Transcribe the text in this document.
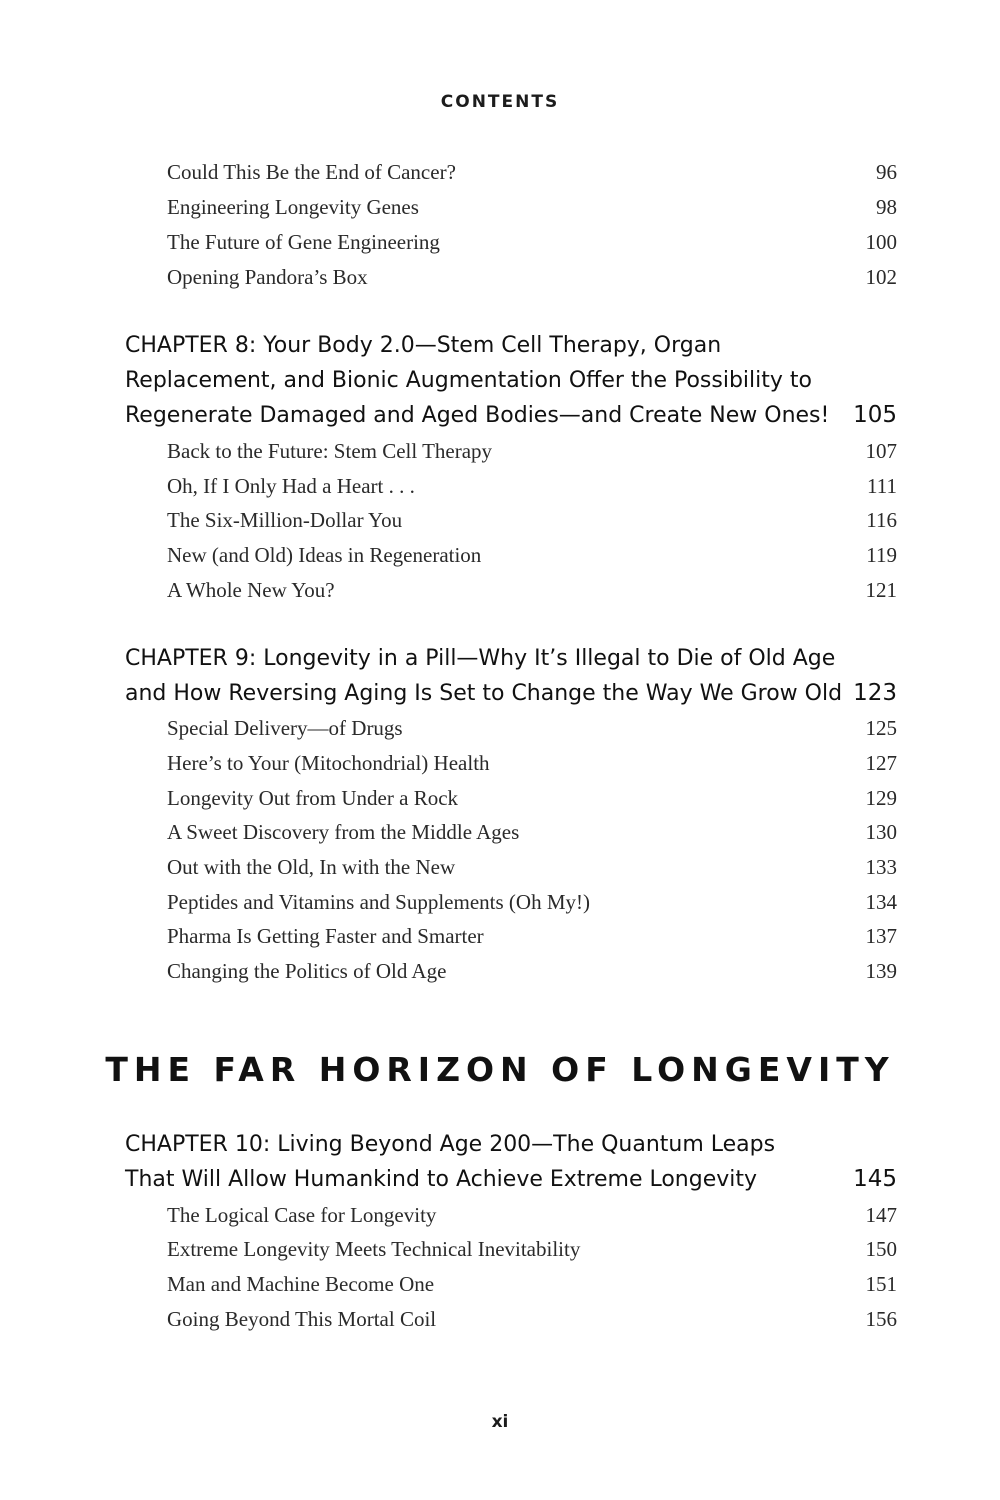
CONTENTS
Could This Be the End of Cancer?	96
Engineering Longevity Genes	98
The Future of Gene Engineering	100
Opening Pandora’s Box	102
CHAPTER 8: Your Body 2.0—Stem Cell Therapy, Organ
Replacement, and Bionic Augmentation Offer the Possibility to
Regenerate Damaged and Aged Bodies—and Create New Ones! 105
Back to the Future: Stem Cell Therapy	107
Oh, If I Only Had a Heart . . .	111
The Six-Million-Dollar You	116
New (and Old) Ideas in Regeneration	119
A Whole New You?	121
CHAPTER 9: Longevity in a Pill—Why It’s Illegal to Die of Old Age
and How Reversing Aging Is Set to Change the Way We Grow Old 123
Special Delivery—of Drugs	125
Here’s to Your (Mitochondrial) Health	127
Longevity Out from Under a Rock	129
A Sweet Discovery from the Middle Ages	130
Out with the Old, In with the New	133
Peptides and Vitamins and Supplements (Oh My!)	134
Pharma Is Getting Faster and Smarter	137
Changing the Politics of Old Age	139
CHAPTER 10: Living Beyond Age 200—The Quantum Leaps
That Will Allow Humankind to Achieve Extreme Longevity	145
The Logical Case for Longevity	147
Extreme Longevity Meets Technical Inevitability	150
Man and Machine Become One	151
Going Beyond This Mortal Coil	156
THE FAR HORIZON OF LONGEVITY
xi
